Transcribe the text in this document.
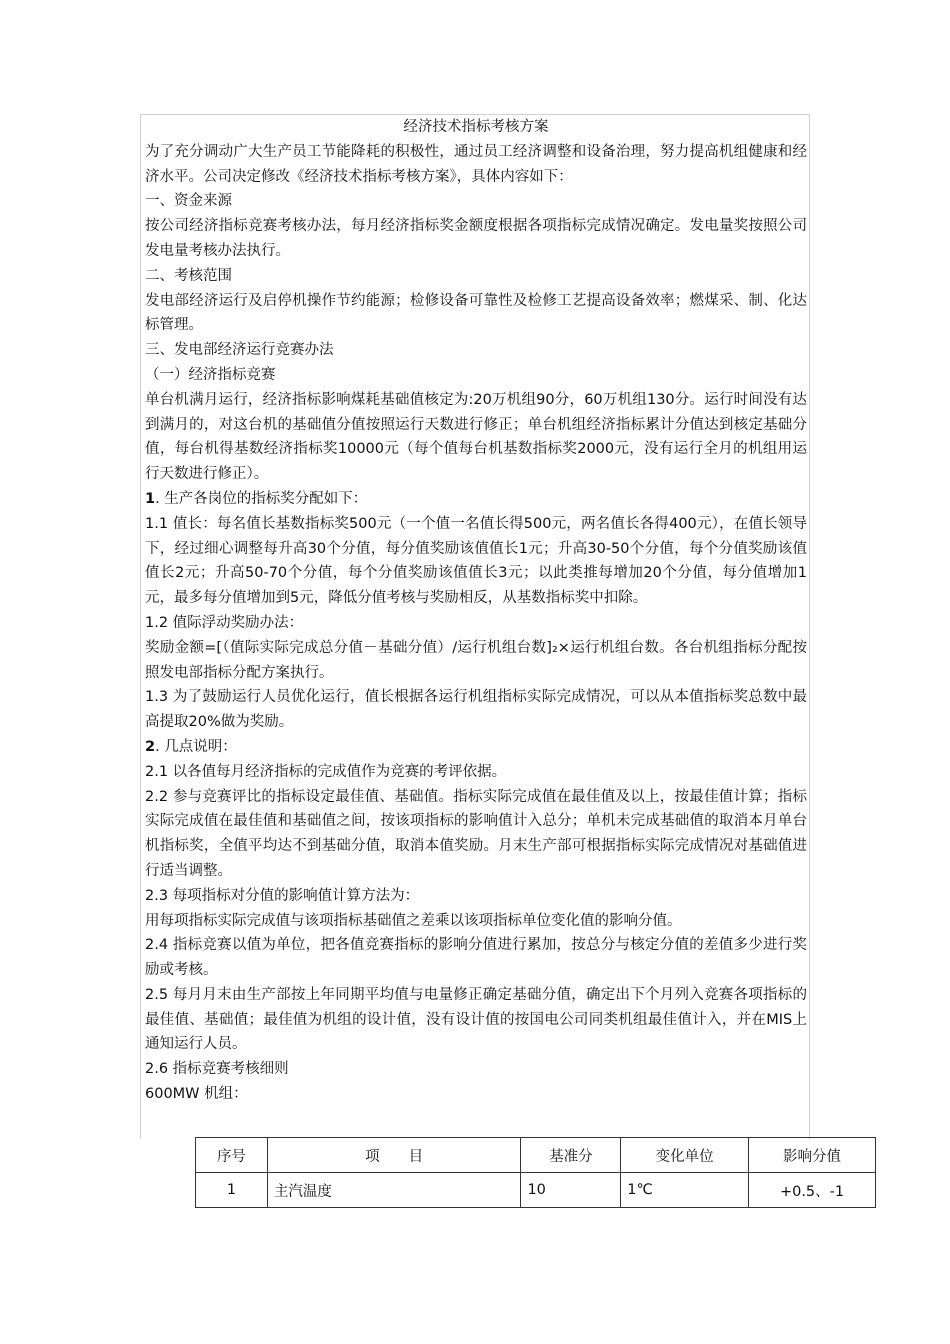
经济技术指标考核方案

为了充分调动广大生产员工节能降耗的积极性，通过员工经济调整和设备治理，努力提高机组健康和经济水平。公司决定修改《经济技术指标考核方案》，具体内容如下：

一、资金来源

按公司经济指标竞赛考核办法，每月经济指标奖金额度根据各项指标完成情况确定。发电量奖按照公司发电量考核办法执行。

二、考核范围

发电部经济运行及启停机操作节约能源；检修设备可靠性及检修工艺提高设备效率；燃煤采、制、化达标管理。

三、发电部经济运行竞赛办法

（一）经济指标竞赛

单台机满月运行，经济指标影响煤耗基础值核定为:20万机组90分，60万机组130分。运行时间没有达到满月的，对这台机的基础值分值按照运行天数进行修正；单台机组经济指标累计分值达到核定基础分值，每台机得基数经济指标奖10000元（每个值每台机基数指标奖2000元，没有运行全月的机组用运行天数进行修正）。

1. 生产各岗位的指标奖分配如下：

1.1 值长：每名值长基数指标奖500元（一个值一名值长得500元，两名值长各得400元），在值长领导下，经过细心调整每升高30个分值，每分值奖励该值值长1元；升高30-50个分值，每个分值奖励该值值长2元；升高50-70个分值，每个分值奖励该值值长3元；以此类推每增加20个分值，每分值增加1元，最多每分值增加到5元，降低分值考核与奖励相反，从基数指标奖中扣除。

1.2 值际浮动奖励办法：

奖励金额=[（值际实际完成总分值－基础分值）/运行机组台数]₂×运行机组台数。各台机组指标分配按照发电部指标分配方案执行。

1.3 为了鼓励运行人员优化运行，值长根据各运行机组指标实际完成情况，可以从本值指标奖总数中最高提取20%做为奖励。

2. 几点说明：

2.1 以各值每月经济指标的完成值作为竞赛的考评依据。

2.2 参与竞赛评比的指标设定最佳值、基础值。指标实际完成值在最佳值及以上，按最佳值计算；指标实际完成值在最佳值和基础值之间，按该项指标的影响值计入总分；单机未完成基础值的取消本月单台机指标奖，全值平均达不到基础分值，取消本值奖励。月末生产部可根据指标实际完成情况对基础值进行适当调整。

2.3 每项指标对分值的影响值计算方法为：

用每项指标实际完成值与该项指标基础值之差乘以该项指标单位变化值的影响分值。

2.4 指标竞赛以值为单位，把各值竞赛指标的影响分值进行累加，按总分与核定分值的差值多少进行奖励或考核。

2.5 每月月末由生产部按上年同期平均值与电量修正确定基础分值，确定出下个月列入竞赛各项指标的最佳值、基础值；最佳值为机组的设计值，没有设计值的按国电公司同类机组最佳值计入，并在MIS上通知运行人员。

2.6 指标竞赛考核细则

600MW 机组：

序号	项　　目	基准分	变化单位	影响分值
1	主汽温度	10	1℃	+0.5、-1
